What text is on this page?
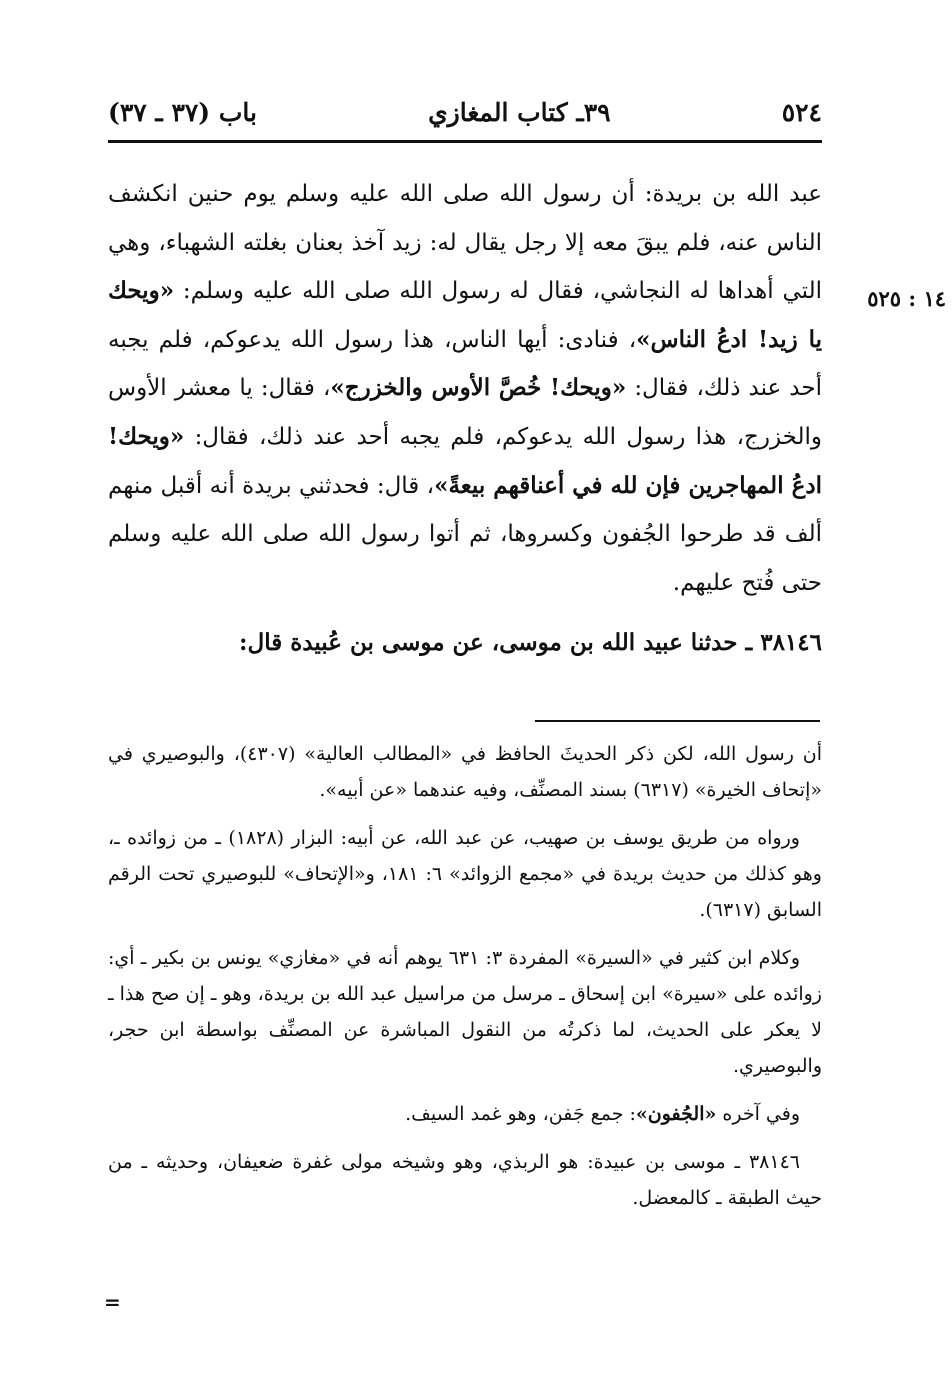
٥٢٤
٣٩ـ كتاب المغازي
باب (٣٧ ـ ٣٧)
١٤ : ٥٢٥

عبد الله بن بريدة: أن رسول الله صلى الله عليه وسلم يوم حنين انكشف الناس عنه، فلم يبقَ معه إلا رجل يقال له: زيد آخذ بعنان بغلته الشهباء، وهي التي أهداها له النجاشي، فقال له رسول الله صلى الله عليه وسلم: «ويحك يا زيد! ادعُ الناس»، فنادى: أيها الناس، هذا رسول الله يدعوكم، فلم يجبه أحد عند ذلك، فقال: «ويحك! خُصَّ الأوس والخزرج»، فقال: يا معشر الأوس والخزرج، هذا رسول الله يدعوكم، فلم يجبه أحد عند ذلك، فقال: «ويحك! ادعُ المهاجرين فإن لله في أعناقهم بيعةً»، قال: فحدثني بريدة أنه أقبل منهم ألف قد طرحوا الجُفون وكسروها، ثم أتوا رسول الله صلى الله عليه وسلم حتى فُتح عليهم.

٣٨١٤٦ ـ حدثنا عبيد الله بن موسى، عن موسى بن عُبيدة قال:

أن رسول الله، لكن ذكر الحديثَ الحافظ في «المطالب العالية» (٤٣٠٧)، والبوصيري في «إتحاف الخيرة» (٦٣١٧) بسند المصنِّف، وفيه عندهما «عن أبيه».

ورواه من طريق يوسف بن صهيب، عن عبد الله، عن أبيه: البزار (١٨٢٨) ـ من زوائده ـ، وهو كذلك من حديث بريدة في «مجمع الزوائد» ٦: ١٨١، و«الإتحاف» للبوصيري تحت الرقم السابق (٦٣١٧).

وكلام ابن كثير في «السيرة» المفردة ٣: ٦٣١ يوهم أنه في «مغازي» يونس بن بكير ـ أي: زوائده على «سيرة» ابن إسحاق ـ مرسل من مراسيل عبد الله بن بريدة، وهو ـ إن صح هذا ـ لا يعكر على الحديث، لما ذكرتُه من النقول المباشرة عن المصنِّف بواسطة ابن حجر، والبوصيري.

وفي آخره «الجُفون»: جمع جَفن، وهو غمد السيف.

٣٨١٤٦ ـ موسى بن عبيدة: هو الربذي، وهو وشيخه مولى غفرة ضعيفان، وحديثه ـ من حيث الطبقة ـ كالمعضل.

=
